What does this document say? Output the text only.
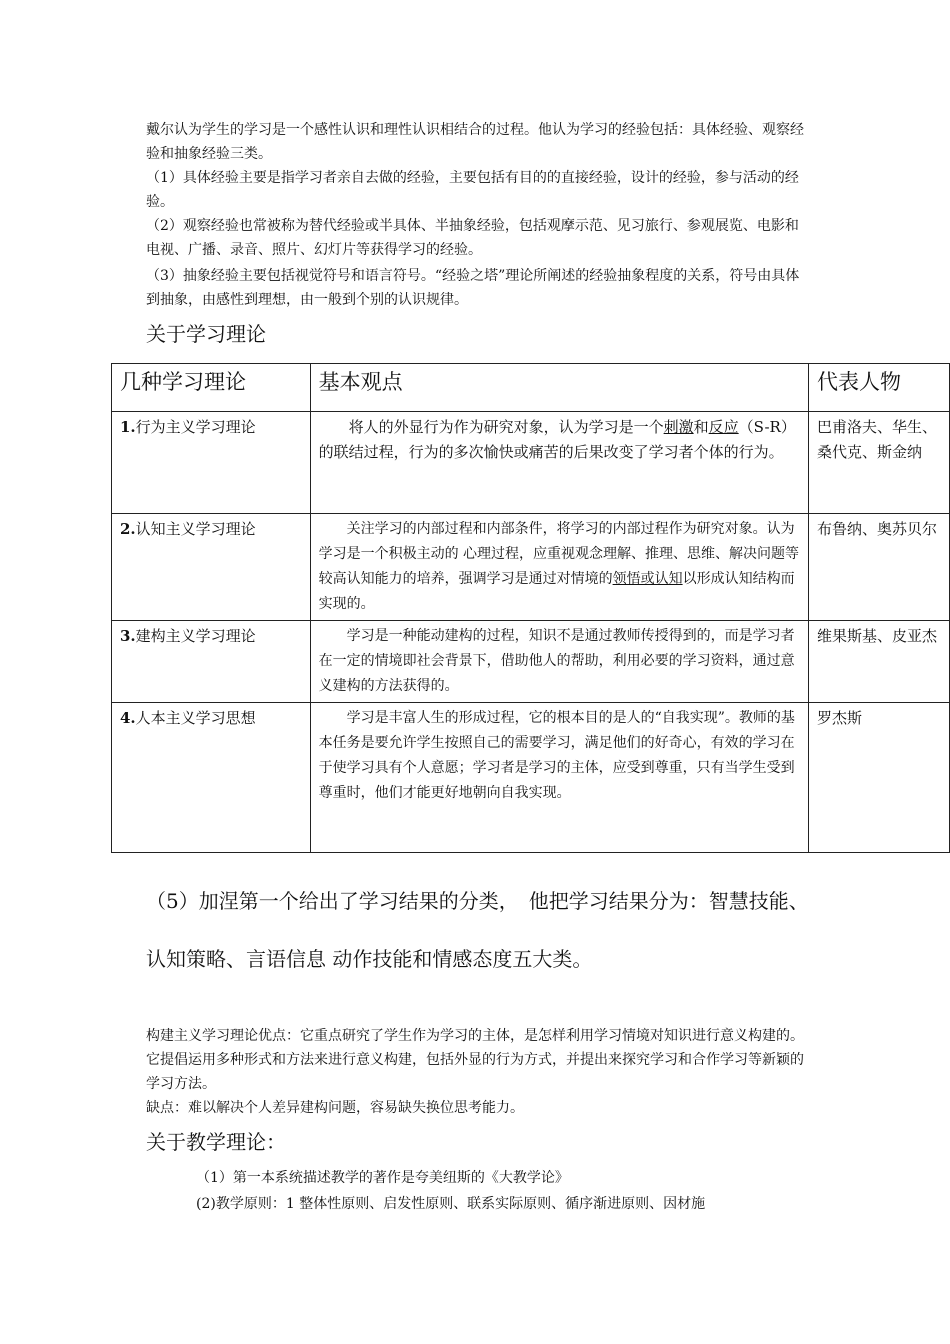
戴尔认为学生的学习是一个感性认识和理性认识相结合的过程。他认为学习的经验包括：具体经验、观察经验和抽象经验三类。

（1）具体经验主要是指学习者亲自去做的经验，主要包括有目的的直接经验，设计的经验，参与活动的经验。

（2）观察经验也常被称为替代经验或半具体、半抽象经验，包括观摩示范、见习旅行、参观展览、电影和电视、广播、录音、照片、幻灯片等获得学习的经验。

（3）抽象经验主要包括视觉符号和语言符号。“经验之塔”理论所阐述的经验抽象程度的关系，符号由具体到抽象，由感性到理想，由一般到个别的认识规律。

关于学习理论
几种学习理论	基本观点	代表人物
1.行为主义学习理论	将人的外显行为作为研究对象，认为学习是一个刺激和反应（S-R）的联结过程，行为的多次愉快或痛苦的后果改变了学习者个体的行为。	巴甫洛夫、华生、桑代克、斯金纳
2.认知主义学习理论	关注学习的内部过程和内部条件，将学习的内部过程作为研究对象。认为学习是一个积极主动的 心理过程，应重视观念理解、推理、思维、解决问题等较高认知能力的培养，强调学习是通过对情境的领悟或认知以形成认知结构而实现的。	布鲁纳、奥苏贝尔
3.建构主义学习理论	学习是一种能动建构的过程，知识不是通过教师传授得到的，而是学习者在一定的情境即社会背景下，借助他人的帮助，利用必要的学习资料，通过意义建构的方法获得的。	维果斯基、皮亚杰
4.人本主义学习思想	学习是丰富人生的形成过程，它的根本目的是人的“自我实现”。教师的基本任务是要允许学生按照自己的需要学习，满足他们的好奇心，有效的学习在于使学习具有个人意愿；学习者是学习的主体，应受到尊重，只有当学生受到尊重时，他们才能更好地朝向自我实现。	罗杰斯

（5）加涅第一个给出了学习结果的分类，　他把学习结果分为：智慧技能、认知策略、言语信息 动作技能和情感态度五大类。

构建主义学习理论优点：它重点研究了学生作为学习的主体，是怎样利用学习情境对知识进行意义构建的。它提倡运用多种形式和方法来进行意义构建，包括外显的行为方式，并提出来探究学习和合作学习等新颖的学习方法。

缺点：难以解决个人差异建构问题，容易缺失换位思考能力。

关于教学理论：

（1）第一本系统描述教学的著作是夸美纽斯的《大教学论》

(2)教学原则：1 整体性原则、启发性原则、联系实际原则、循序渐进原则、因材施
